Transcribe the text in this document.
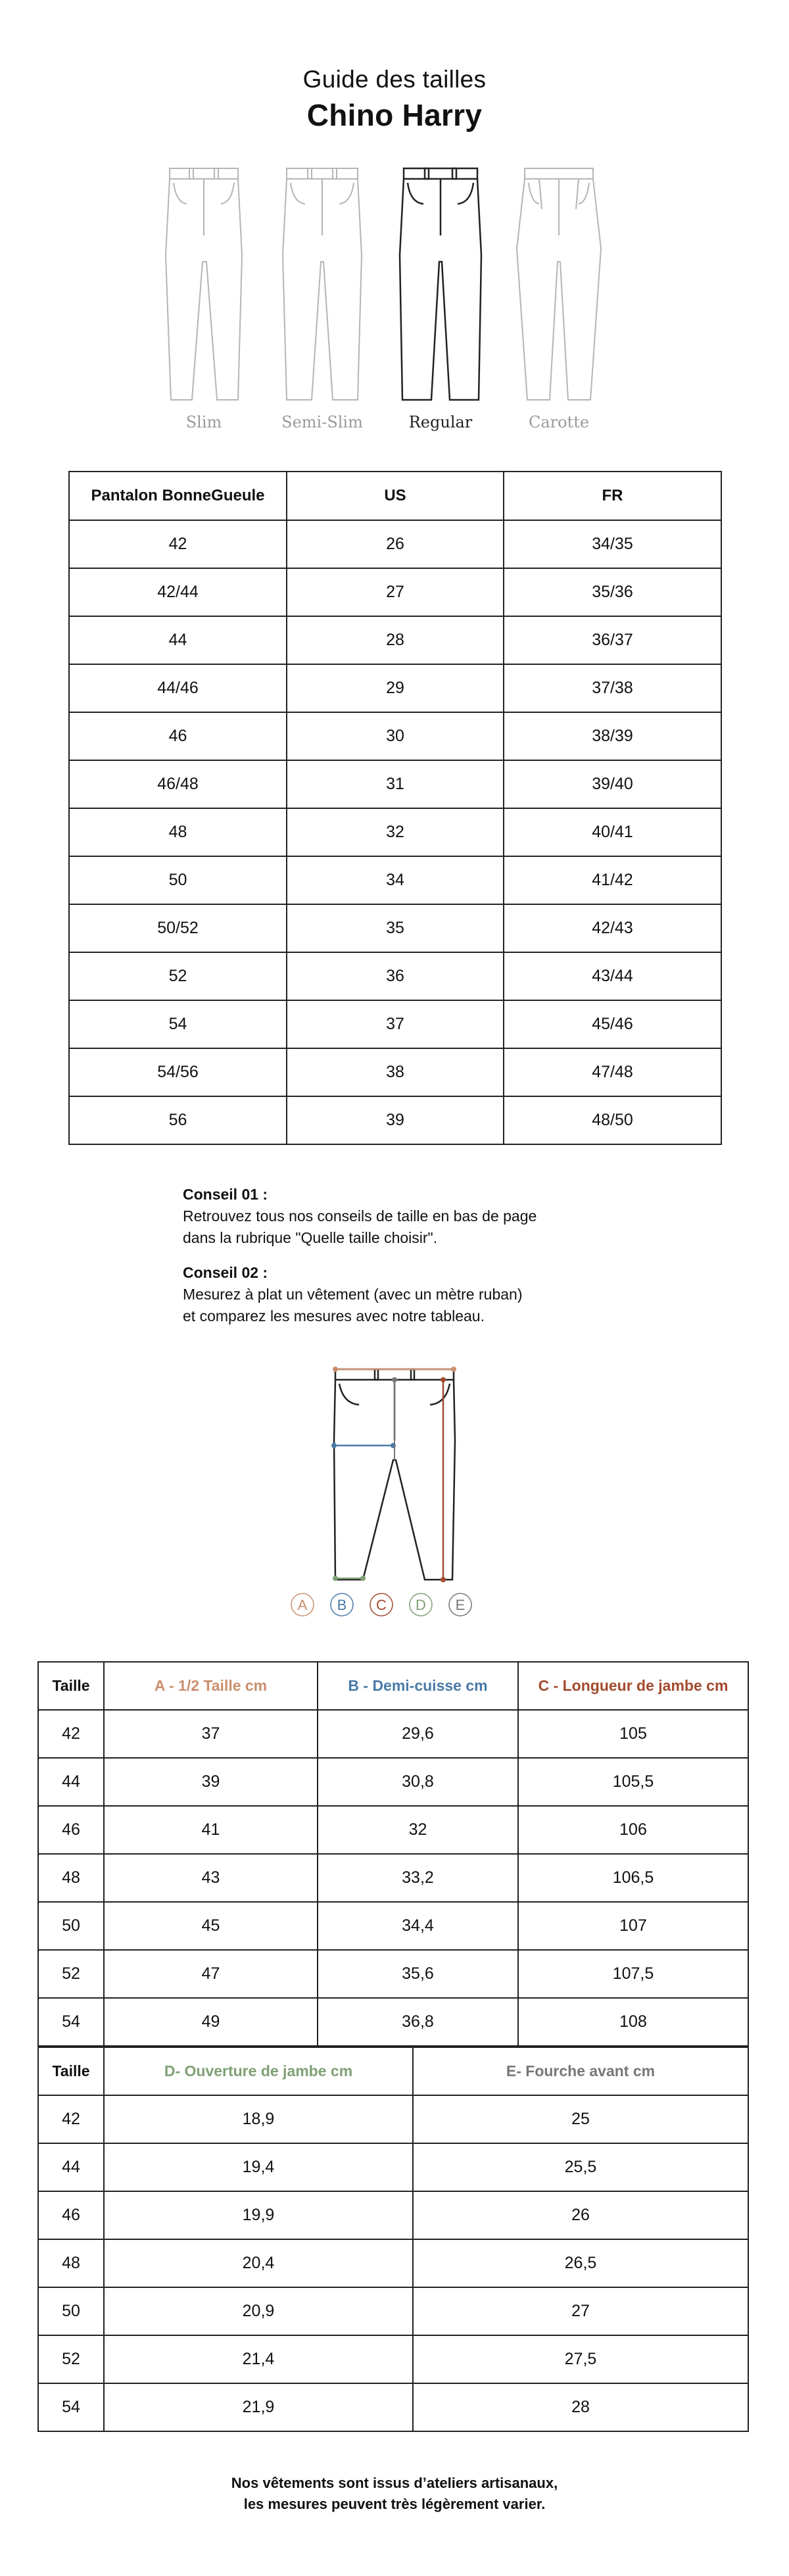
Guide des tailles
Chino Harry
Slim	Semi-Slim	Regular	Carotte
Pantalon BonneGueule	US	FR
42	26	34/35
42/44	27	35/36
44	28	36/37
44/46	29	37/38
46	30	38/39
46/48	31	39/40
48	32	40/41
50	34	41/42
50/52	35	42/43
52	36	43/44
54	37	45/46
54/56	38	47/48
56	39	48/50
Conseil 01 :
Retrouvez tous nos conseils de taille en bas de page
dans la rubrique "Quelle taille choisir".
Conseil 02 :
Mesurez à plat un vêtement (avec un mètre ruban)
et comparez les mesures avec notre tableau.
A B C D E
Taille	A - 1/2 Taille cm	B - Demi-cuisse cm	C - Longueur de jambe cm
42	37	29,6	105
44	39	30,8	105,5
46	41	32	106
48	43	33,2	106,5
50	45	34,4	107
52	47	35,6	107,5
54	49	36,8	108
Taille	D- Ouverture de jambe cm	E- Fourche avant cm
42	18,9	25
44	19,4	25,5
46	19,9	26
48	20,4	26,5
50	20,9	27
52	21,4	27,5
54	21,9	28
Nos vêtements sont issus d’ateliers artisanaux,
les mesures peuvent très légèrement varier.
